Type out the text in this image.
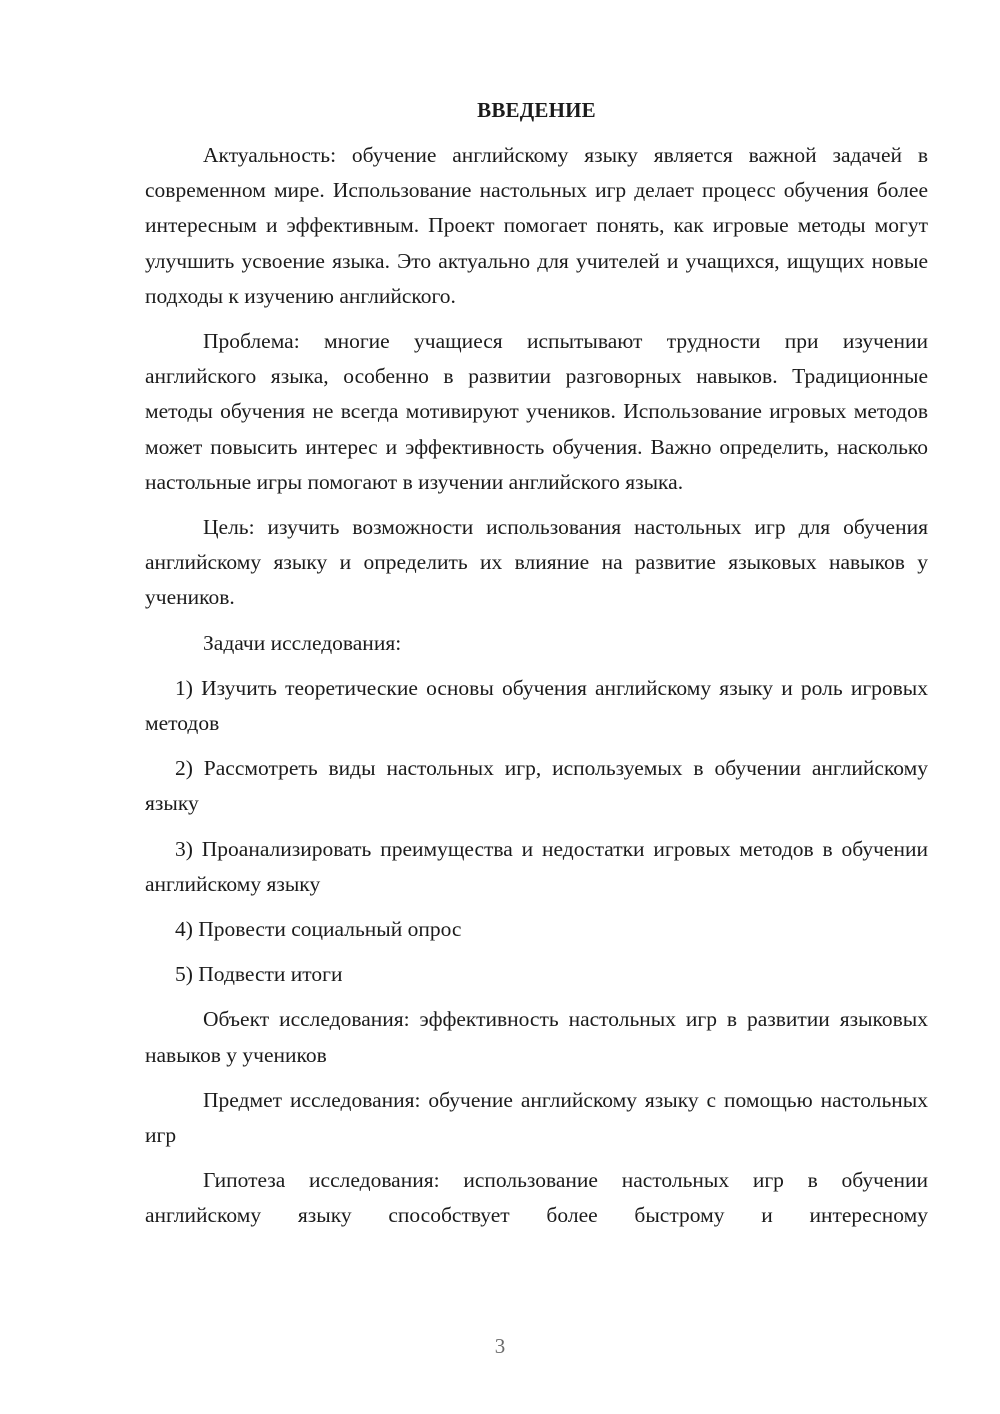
ВВЕДЕНИЕ

Актуальность: обучение английскому языку является важной задачей в современном мире. Использование настольных игр делает процесс обучения более интересным и эффективным. Проект помогает понять, как игровые методы могут улучшить усвоение языка. Это актуально для учителей и учащихся, ищущих новые подходы к изучению английского.

Проблема: многие учащиеся испытывают трудности при изучении английского языка, особенно в развитии разговорных навыков. Традиционные методы обучения не всегда мотивируют учеников. Использование игровых методов может повысить интерес и эффективность обучения. Важно определить, насколько настольные игры помогают в изучении английского языка.

Цель: изучить возможности использования настольных игр для обучения английскому языку и определить их влияние на развитие языковых навыков у учеников.

Задачи исследования:

1) Изучить теоретические основы обучения английскому языку и роль игровых методов

2) Рассмотреть виды настольных игр, используемых в обучении английскому языку

3) Проанализировать преимущества и недостатки игровых методов в обучении английскому языку

4) Провести социальный опрос

5) Подвести итоги

Объект исследования: эффективность настольных игр в развитии языковых навыков у учеников

Предмет исследования: обучение английскому языку с помощью настольных игр

Гипотеза исследования: использование настольных игр в обучении английскому языку способствует более быстрому и интересному

3
